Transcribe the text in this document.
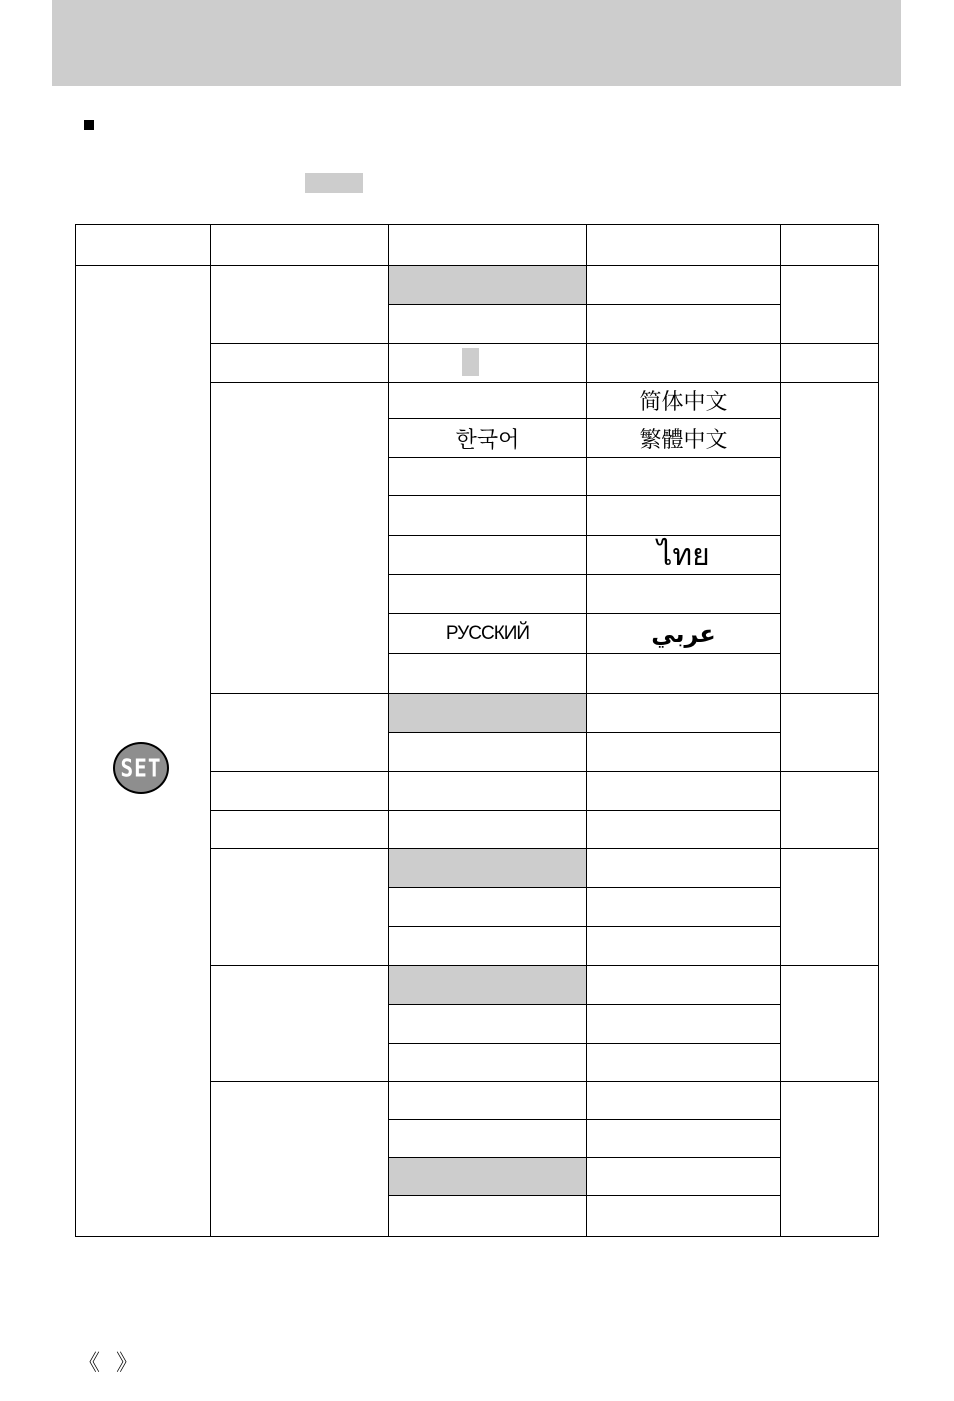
简体中文
한국어	繁體中文
ไทย
РУССКИЙ	عربي
SET
《 》
